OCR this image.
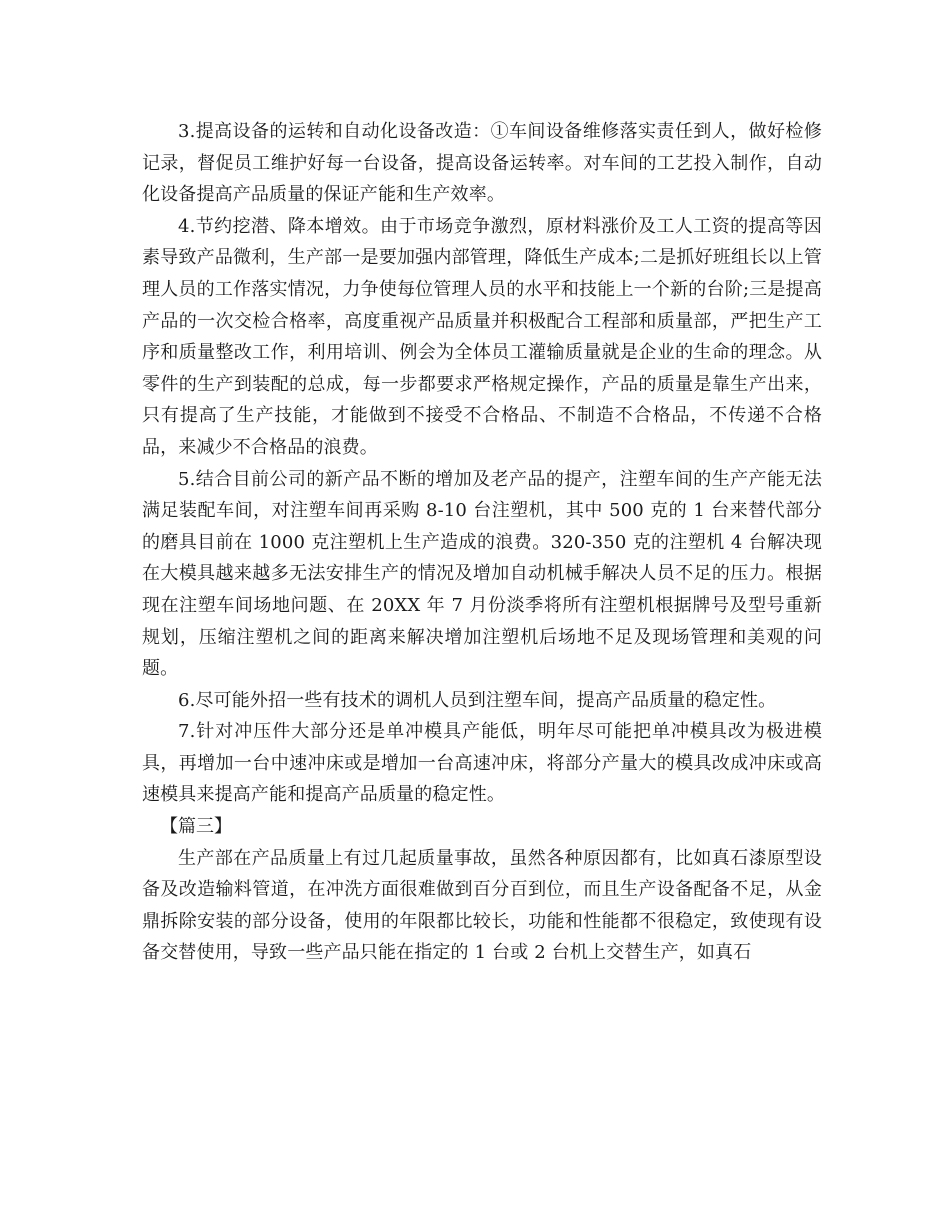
3.提高设备的运转和自动化设备改造：①车间设备维修落实责任到人，做好检修记录，督促员工维护好每一台设备，提高设备运转率。对车间的工艺投入制作，自动化设备提高产品质量的保证产能和生产效率。

4.节约挖潜、降本增效。由于市场竞争激烈，原材料涨价及工人工资的提高等因素导致产品微利，生产部一是要加强内部管理，降低生产成本;二是抓好班组长以上管理人员的工作落实情况，力争使每位管理人员的水平和技能上一个新的台阶;三是提高产品的一次交检合格率，高度重视产品质量并积极配合工程部和质量部，严把生产工序和质量整改工作，利用培训、例会为全体员工灌输质量就是企业的生命的理念。从零件的生产到装配的总成，每一步都要求严格规定操作，产品的质量是靠生产出来，只有提高了生产技能，才能做到不接受不合格品、不制造不合格品，不传递不合格品，来减少不合格品的浪费。

5.结合目前公司的新产品不断的增加及老产品的提产，注塑车间的生产产能无法满足装配车间，对注塑车间再采购 8-10 台注塑机，其中 500 克的 1 台来替代部分的磨具目前在 1000 克注塑机上生产造成的浪费。320-350 克的注塑机 4 台解决现在大模具越来越多无法安排生产的情况及增加自动机械手解决人员不足的压力。根据现在注塑车间场地问题、在 20XX 年 7 月份淡季将所有注塑机根据牌号及型号重新规划，压缩注塑机之间的距离来解决增加注塑机后场地不足及现场管理和美观的问题。

6.尽可能外招一些有技术的调机人员到注塑车间，提高产品质量的稳定性。

7.针对冲压件大部分还是单冲模具产能低，明年尽可能把单冲模具改为极进模具，再增加一台中速冲床或是增加一台高速冲床，将部分产量大的模具改成冲床或高速模具来提高产能和提高产品质量的稳定性。

【篇三】

生产部在产品质量上有过几起质量事故，虽然各种原因都有，比如真石漆原型设备及改造输料管道，在冲洗方面很难做到百分百到位，而且生产设备配备不足，从金鼎拆除安装的部分设备，使用的年限都比较长，功能和性能都不很稳定，致使现有设备交替使用，导致一些产品只能在指定的 1 台或 2 台机上交替生产，如真石
